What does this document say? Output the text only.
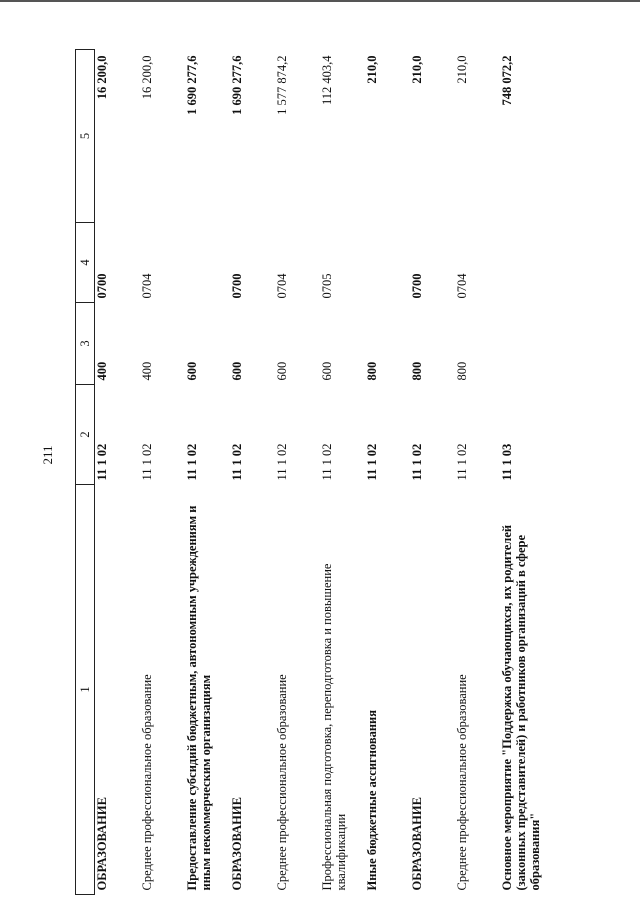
211
1	2	3	4	5
ОБРАЗОВАНИЕ	11 1 02	400	0700	16 200,0
Среднее профессиональное образование	11 1 02	400	0704	16 200,0
Предоставление субсидий бюджетным, автономным учреждениям и иным некоммерческим организациям	11 1 02	600		1 690 277,6
ОБРАЗОВАНИЕ	11 1 02	600	0700	1 690 277,6
Среднее профессиональное образование	11 1 02	600	0704	1 577 874,2
Профессиональная подготовка, переподготовка и повышение квалификации	11 1 02	600	0705	112 403,4
Иные бюджетные ассигнования	11 1 02	800		210,0
ОБРАЗОВАНИЕ	11 1 02	800	0700	210,0
Среднее профессиональное образование	11 1 02	800	0704	210,0
Основное мероприятие "Поддержка обучающихся, их родителей (законных представителей) и работников организаций в сфере образования"	11 1 03			748 072,2
